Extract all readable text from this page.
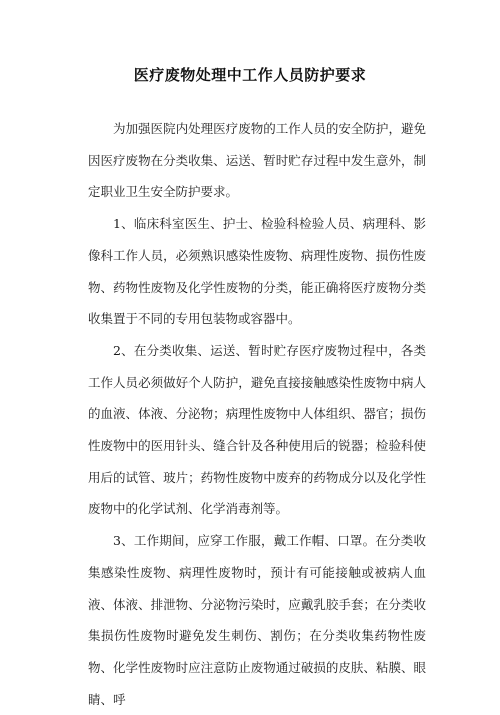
医疗废物处理中工作人员防护要求

为加强医院内处理医疗废物的工作人员的安全防护，避免因医疗废物在分类收集、运送、暂时贮存过程中发生意外，制定职业卫生安全防护要求。

1、临床科室医生、护士、检验科检验人员、病理科、影像科工作人员，必须熟识感染性废物、病理性废物、损伤性废物、药物性废物及化学性废物的分类，能正确将医疗废物分类收集置于不同的专用包装物或容器中。

2、在分类收集、运送、暂时贮存医疗废物过程中，各类工作人员必须做好个人防护，避免直接接触感染性废物中病人的血液、体液、分泌物；病理性废物中人体组织、器官；损伤性废物中的医用针头、缝合针及各种使用后的锐器；检验科使用后的试管、玻片；药物性废物中废弃的药物成分以及化学性废物中的化学试剂、化学消毒剂等。

3、工作期间，应穿工作服，戴工作帽、口罩。在分类收集感染性废物、病理性废物时，预计有可能接触或被病人血液、体液、排泄物、分泌物污染时，应戴乳胶手套；在分类收集损伤性废物时避免发生刺伤、割伤；在分类收集药物性废物、化学性废物时应注意防止废物通过破损的皮肤、粘膜、眼睛、呼
